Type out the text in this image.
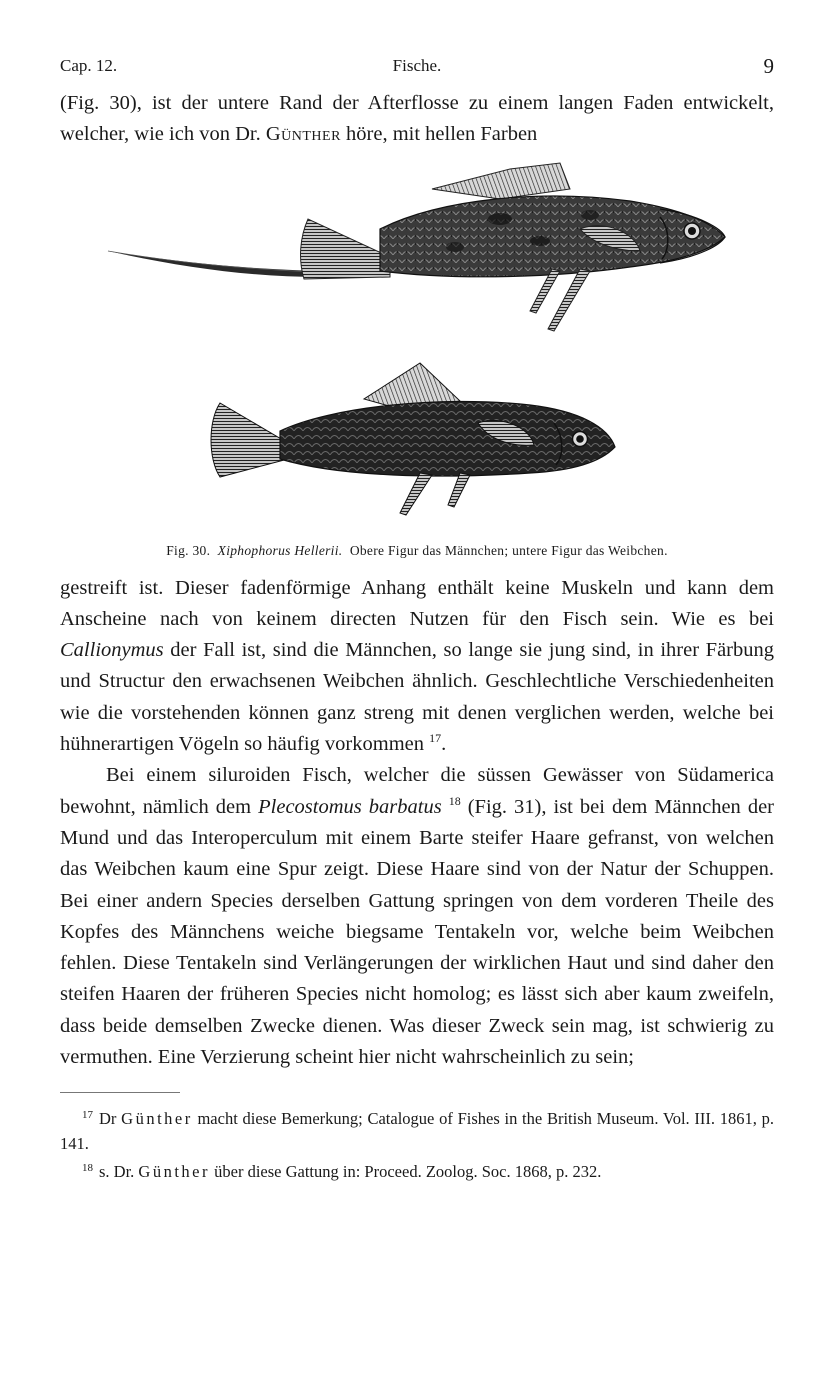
Cap. 12.	Fische.	9

(Fig. 30), ist der untere Rand der Afterflosse zu einem langen Faden entwickelt, welcher, wie ich von Dr. Günther höre, mit hellen Farben

Fig. 30. Xiphophorus Hellerii. Obere Figur das Männchen; untere Figur das Weibchen.

gestreift ist. Dieser fadenförmige Anhang enthält keine Muskeln und kann dem Anscheine nach von keinem directen Nutzen für den Fisch sein. Wie es bei Callionymus der Fall ist, sind die Männchen, so lange sie jung sind, in ihrer Färbung und Structur den erwachsenen Weibchen ähnlich. Geschlechtliche Verschiedenheiten wie die vorstehenden können ganz streng mit denen verglichen werden, welche bei hühnerartigen Vögeln so häufig vorkommen $^{17}$.

Bei einem siluroiden Fisch, welcher die süssen Gewässer von Südamerica bewohnt, nämlich dem Plecostomus barbatus $^{18}$ (Fig. 31), ist bei dem Männchen der Mund und das Interoperculum mit einem Barte steifer Haare gefranst, von welchen das Weibchen kaum eine Spur zeigt. Diese Haare sind von der Natur der Schuppen. Bei einer andern Species derselben Gattung springen von dem vorderen Theile des Kopfes des Männchens weiche biegsame Tentakeln vor, welche beim Weibchen fehlen. Diese Tentakeln sind Verlängerungen der wirklichen Haut und sind daher den steifen Haaren der früheren Species nicht homolog; es lässt sich aber kaum zweifeln, dass beide demselben Zwecke dienen. Was dieser Zweck sein mag, ist schwierig zu vermuthen. Eine Verzierung scheint hier nicht wahrscheinlich zu sein;

$^{17}$ Dr Günther macht diese Bemerkung; Catalogue of Fishes in the British Museum. Vol. III. 1861, p. 141.

$^{18}$ s. Dr. Günther über diese Gattung in: Proceed. Zoolog. Soc. 1868, p. 232.
